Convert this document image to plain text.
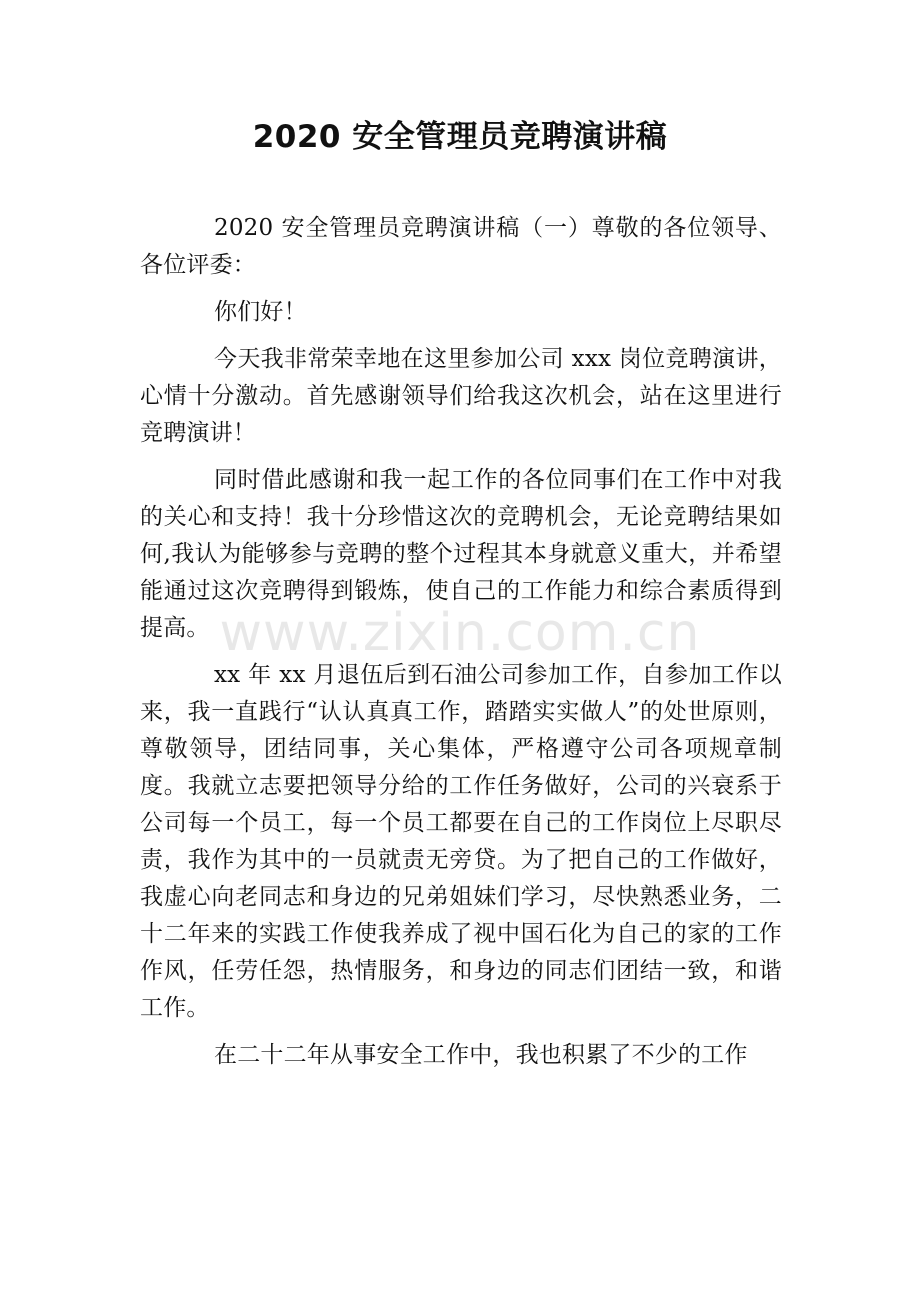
2020 安全管理员竞聘演讲稿

2020 安全管理员竞聘演讲稿（一）尊敬的各位领导、各位评委：

你们好！

今天我非常荣幸地在这里参加公司 xxx 岗位竞聘演讲，心情十分激动。首先感谢领导们给我这次机会，站在这里进行竞聘演讲！

同时借此感谢和我一起工作的各位同事们在工作中对我的关心和支持！我十分珍惜这次的竞聘机会，无论竞聘结果如何,我认为能够参与竞聘的整个过程其本身就意义重大，并希望能通过这次竞聘得到锻炼，使自己的工作能力和综合素质得到提高。

xx 年 xx 月退伍后到石油公司参加工作，自参加工作以来，我一直践行“认认真真工作，踏踏实实做人”的处世原则，尊敬领导，团结同事，关心集体，严格遵守公司各项规章制度。我就立志要把领导分给的工作任务做好，公司的兴衰系于公司每一个员工，每一个员工都要在自己的工作岗位上尽职尽责，我作为其中的一员就责无旁贷。为了把自己的工作做好，我虚心向老同志和身边的兄弟姐妹们学习，尽快熟悉业务，二十二年来的实践工作使我养成了视中国石化为自己的家的工作作风，任劳任怨，热情服务，和身边的同志们团结一致，和谐工作。

在二十二年从事安全工作中，我也积累了不少的工作

www.zixin.com.cn
